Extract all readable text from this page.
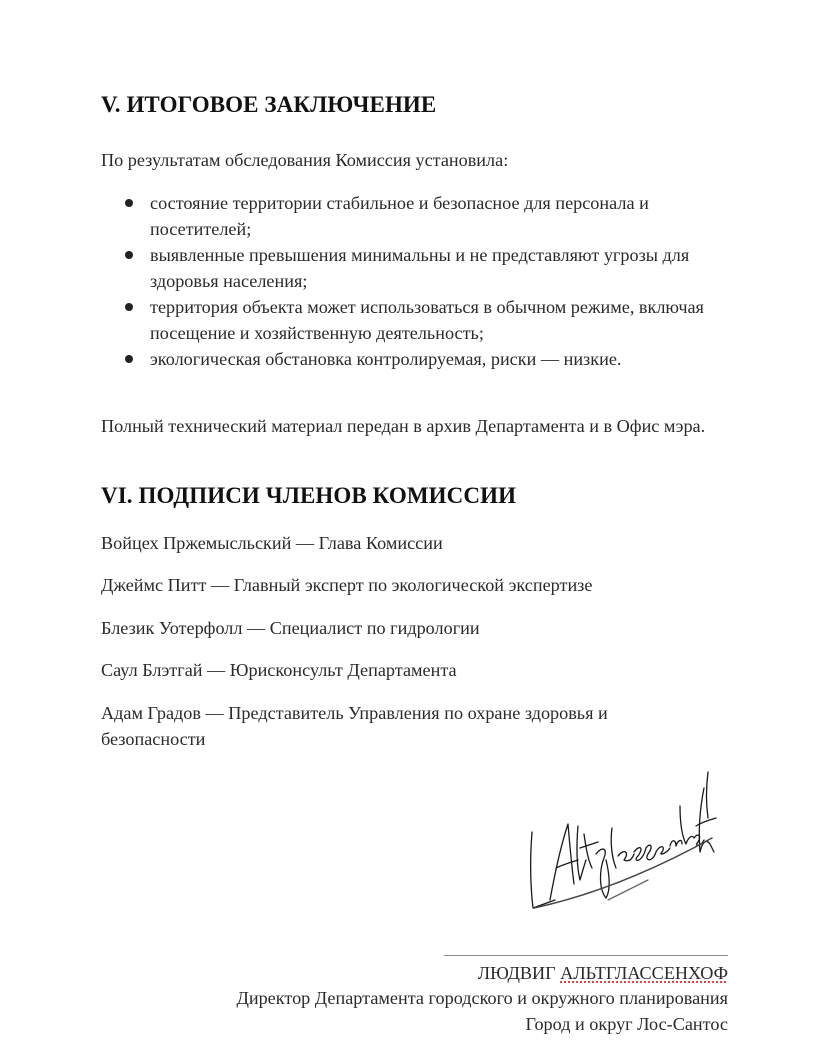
V. ИТОГОВОЕ ЗАКЛЮЧЕНИЕ

По результатам обследования Комиссия установила:

состояние территории стабильное и безопасное для персонала и посетителей;
выявленные превышения минимальны и не представляют угрозы для здоровья населения;
территория объекта может использоваться в обычном режиме, включая посещение и хозяйственную деятельность;
экологическая обстановка контролируемая, риски — низкие.

Полный технический материал передан в архив Департамента и в Офис мэра.

VI. ПОДПИСИ ЧЛЕНОВ КОМИССИИ

Войцех Пржемысльский — Глава Комиссии

Джеймс Питт — Главный эксперт по экологической экспертизе

Блезик Уотерфолл — Специалист по гидрологии

Саул Блэтгай — Юрисконсульт Департамента

Адам Градов — Представитель Управления по охране здоровья и безопасности

ЛЮДВИГ АЛЬТГЛАССЕНХОФ
Директор Департамента городского и окружного планирования
Город и округ Лос-Сантос
